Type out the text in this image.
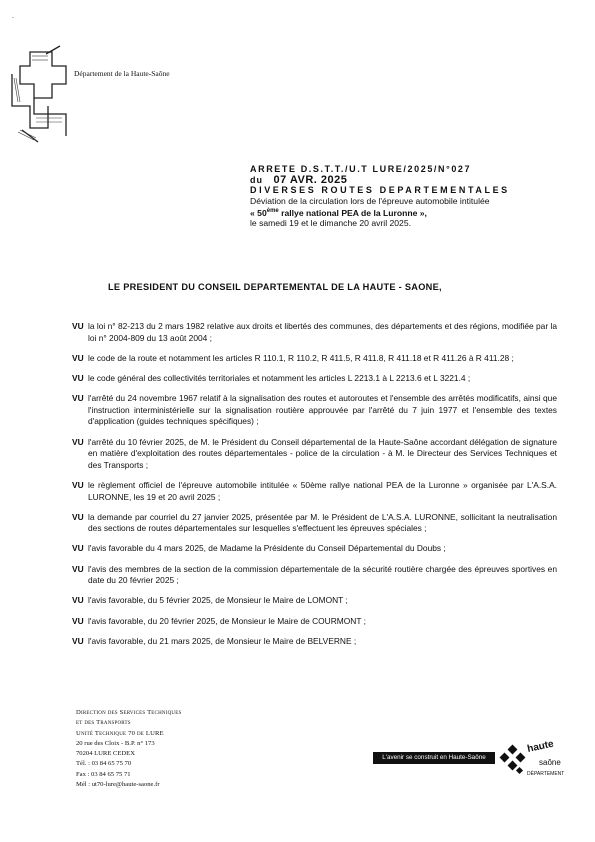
`
Département de la Haute-Saône
ARRETE D.S.T.T./U.T LURE/2025/N°027
du 07 AVR. 2025
DIVERSES ROUTES DEPARTEMENTALES
Déviation de la circulation lors de l'épreuve automobile intitulée
« 50ème rallye national PEA de la Luronne »,
le samedi 19 et le dimanche 20 avril 2025.
LE PRESIDENT DU CONSEIL DEPARTEMENTAL DE LA HAUTE - SAONE,
VU la loi n° 82-213 du 2 mars 1982 relative aux droits et libertés des communes, des départements et des régions, modifiée par la loi n° 2004-809 du 13 août 2004 ;
VU le code de la route et notamment les articles R 110.1, R 110.2, R 411.5, R 411.8, R 411.18 et R 411.26 à R 411.28 ;
VU le code général des collectivités territoriales et notamment les articles L 2213.1 à L 2213.6 et L 3221.4 ;
VU l'arrêté du 24 novembre 1967 relatif à la signalisation des routes et autoroutes et l'ensemble des arrêtés modificatifs, ainsi que l'instruction interministérielle sur la signalisation routière approuvée par l'arrêté du 7 juin 1977 et l'ensemble des textes d'application (guides techniques spécifiques) ;
VU l'arrêté du 10 février 2025, de M. le Président du Conseil départemental de la Haute-Saône accordant délégation de signature en matière d'exploitation des routes départementales - police de la circulation - à M. le Directeur des Services Techniques et des Transports ;
VU le règlement officiel de l'épreuve automobile intitulée « 50ème rallye national PEA de la Luronne » organisée par L'A.S.A. LURONNE, les 19 et 20 avril 2025 ;
VU la demande par courriel du 27 janvier 2025, présentée par M. le Président de L'A.S.A. LURONNE, sollicitant la neutralisation des sections de routes départementales sur lesquelles s'effectuent les épreuves spéciales ;
VU l'avis favorable du 4 mars 2025, de Madame la Présidente du Conseil Départemental du Doubs ;
VU l'avis des membres de la section de la commission départementale de la sécurité routière chargée des épreuves sportives en date du 20 février 2025 ;
VU l'avis favorable, du 5 février 2025, de Monsieur le Maire de LOMONT ;
VU l'avis favorable, du 20 février 2025, de Monsieur le Maire de COURMONT ;
VU l'avis favorable, du 21 mars 2025, de Monsieur le Maire de BELVERNE ;
Direction des Services Techniques
et des Transports
Unité Technique 70 de LURE
20 rue des Cloix - B.P. n° 173
70204 LURE CEDEX
Tél. : 03 84 65 75 70
Fax : 03 84 65 75 71
Mél : ut70-lure@haute-saone.fr
L'avenir se construit en Haute-Saône
haute
saône
DÉPARTEMENT
